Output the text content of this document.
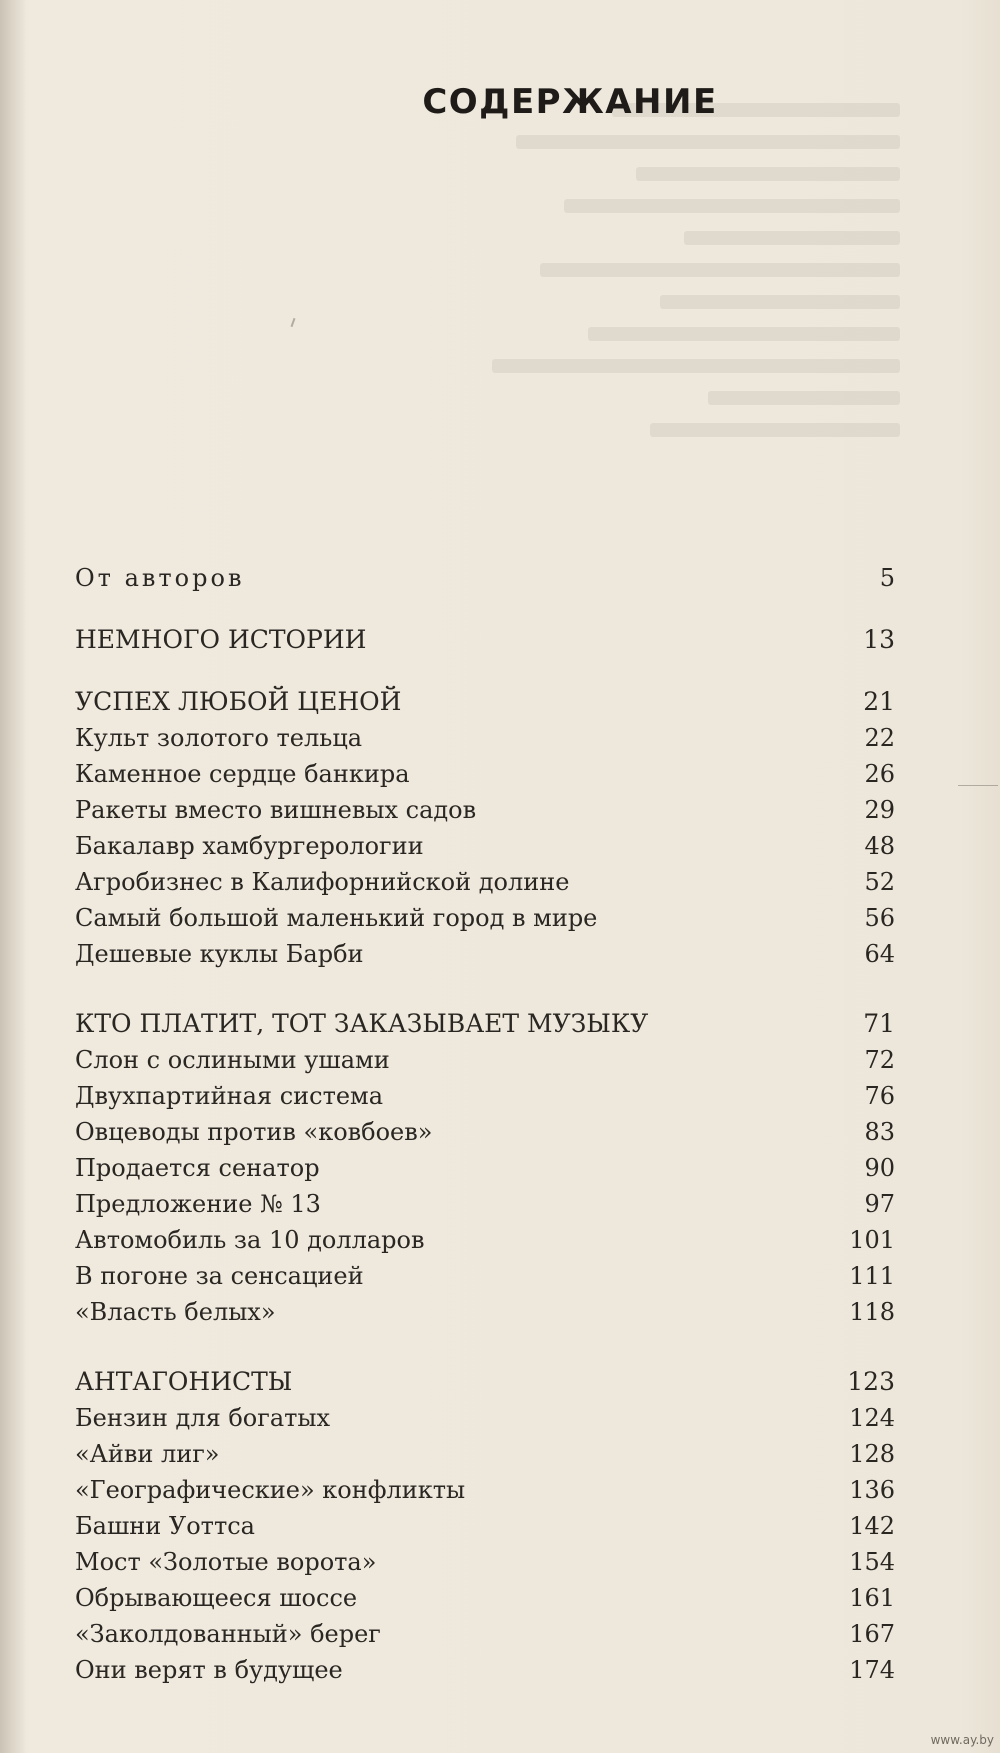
СОДЕРЖАНИЕ
От авторов	5
НЕМНОГО ИСТОРИИ	13
УСПЕХ ЛЮБОЙ ЦЕНОЙ	21
Культ золотого тельца	22
Каменное сердце банкира	26
Ракеты вместо вишневых садов	29
Бакалавр хамбургерологии	48
Агробизнес в Калифорнийской долине	52
Самый большой маленький город в мире	56
Дешевые куклы Барби	64
КТО ПЛАТИТ, ТОТ ЗАКАЗЫВАЕТ МУЗЫКУ	71
Слон с ослиными ушами	72
Двухпартийная система	76
Овцеводы против «ковбоев»	83
Продается сенатор	90
Предложение № 13	97
Автомобиль за 10 долларов	101
В погоне за сенсацией	111
«Власть белых»	118
АНТАГОНИСТЫ	123
Бензин для богатых	124
«Айви лиг»	128
«Географические» конфликты	136
Башни Уоттса	142
Мост «Золотые ворота»	154
Обрывающееся шоссе	161
«Заколдованный» берег	167
Они верят в будущее	174
www.ay.by
